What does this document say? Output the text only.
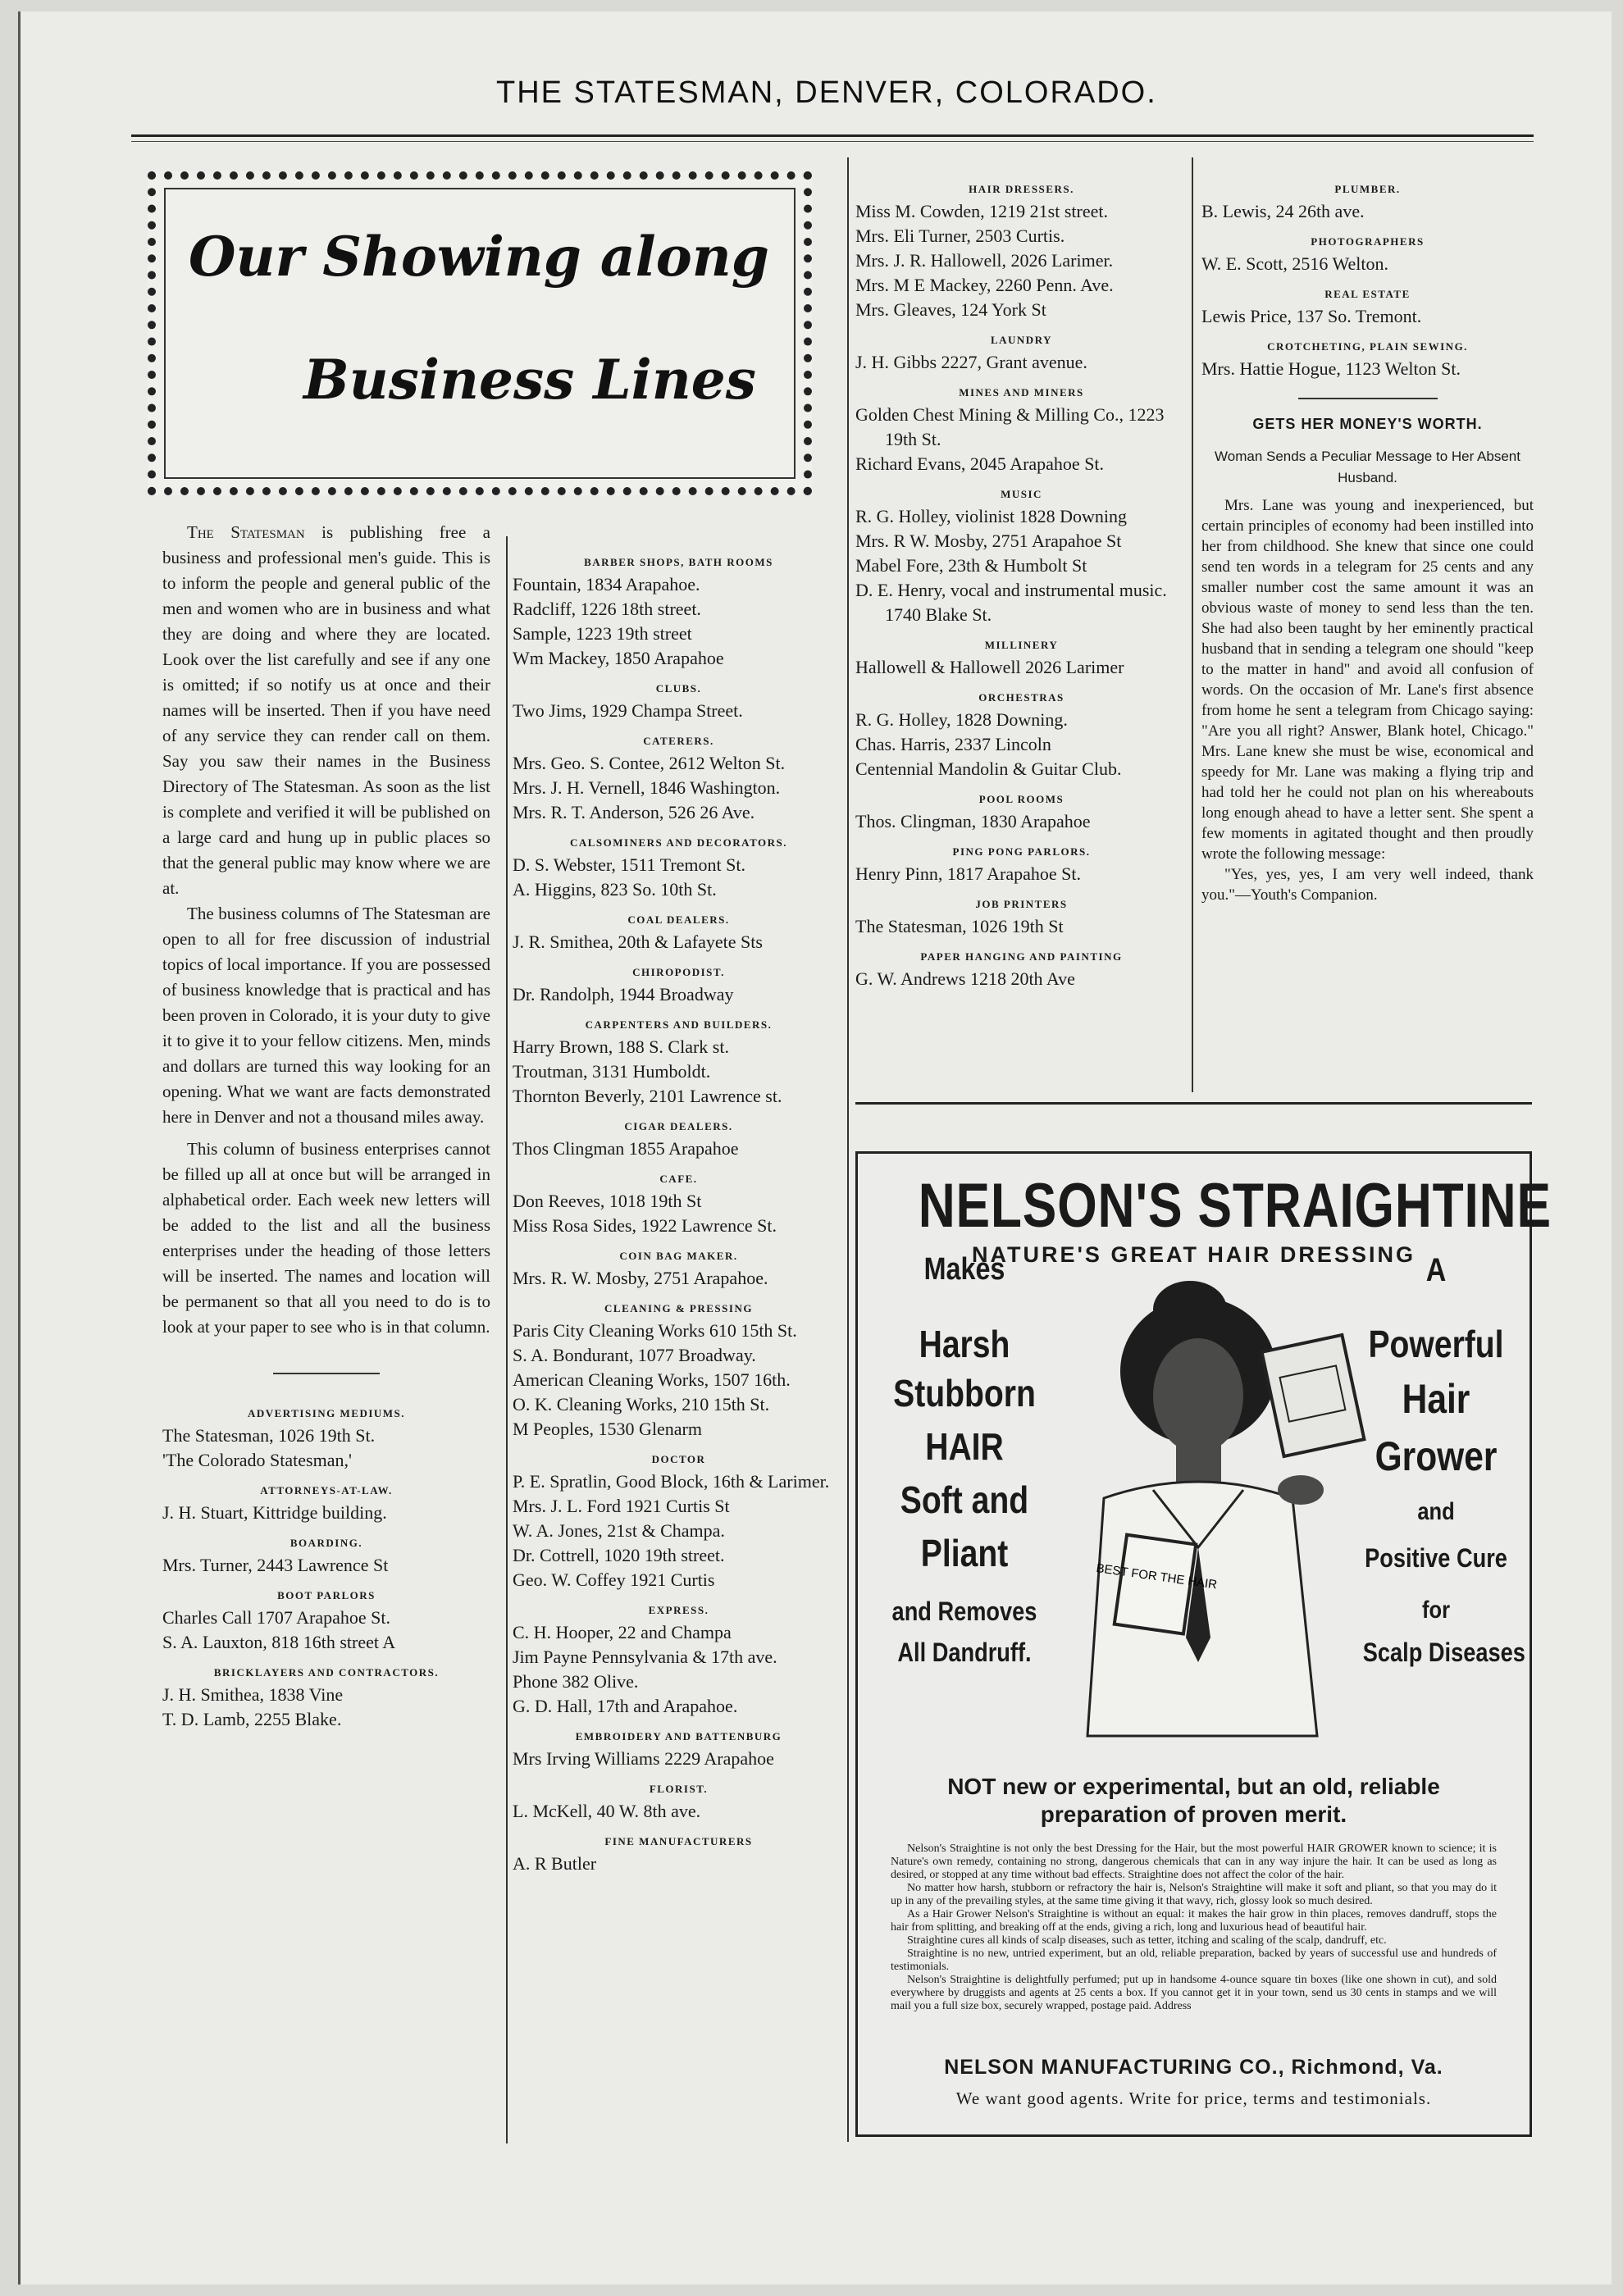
THE STATESMAN, DENVER, COLORADO.
Our Showing along
Business Lines

The Statesman is publishing free a business and professional men's guide. This is to inform the people and general public of the men and women who are in business and what they are doing and where they are located. Look over the list carefully and see if any one is omitted; if so notify us at once and their names will be inserted. Then if you have need of any service they can render call on them. Say you saw their names in the Business Directory of The Statesman. As soon as the list is complete and verified it will be published on a large card and hung up in public places so that the general public may know where we are at.

The business columns of The Statesman are open to all for free discussion of industrial topics of local importance. If you are possessed of business knowledge that is practical and has been proven in Colorado, it is your duty to give it to give it to your fellow citizens. Men, minds and dollars are turned this way looking for an opening. What we want are facts demonstrated here in Denver and not a thousand miles away.

This column of business enterprises cannot be filled up all at once but will be arranged in alphabetical order. Each week new letters will be added to the list and all the business enterprises under the heading of those letters will be inserted. The names and location will be permanent so that all you need to do is to look at your paper to see who is in that column.

ADVERTISING MEDIUMS.

The Statesman, 1026 19th St.

'The Colorado Statesman,'

ATTORNEYS-AT-LAW.

J. H. Stuart, Kittridge building.

BOARDING.

Mrs. Turner, 2443 Lawrence St

BOOT PARLORS

Charles Call 1707 Arapahoe St.

S. A. Lauxton, 818 16th street A

BRICKLAYERS AND CONTRACTORS.

J. H. Smithea, 1838 Vine

T. D. Lamb, 2255 Blake.

BARBER SHOPS, BATH ROOMS

Fountain, 1834 Arapahoe.

Radcliff, 1226 18th street.

Sample, 1223 19th street

Wm Mackey, 1850 Arapahoe

CLUBS.

Two Jims, 1929 Champa Street.

CATERERS.

Mrs. Geo. S. Contee, 2612 Welton St.

Mrs. J. H. Vernell, 1846 Washington.

Mrs. R. T. Anderson, 526 26 Ave.

CALSOMINERS AND DECORATORS.

D. S. Webster, 1511 Tremont St.

A. Higgins, 823 So. 10th St.

COAL DEALERS.

J. R. Smithea, 20th & Lafayete Sts

CHIROPODIST.

Dr. Randolph, 1944 Broadway

CARPENTERS AND BUILDERS.

Harry Brown, 188 S. Clark st.

Troutman, 3131 Humboldt.

Thornton Beverly, 2101 Lawrence st.

CIGAR DEALERS.

Thos Clingman 1855 Arapahoe

CAFE.

Don Reeves, 1018 19th St

Miss Rosa Sides, 1922 Lawrence St.

COIN BAG MAKER.

Mrs. R. W. Mosby, 2751 Arapahoe.

CLEANING & PRESSING

Paris City Cleaning Works 610 15th St.

S. A. Bondurant, 1077 Broadway.

American Cleaning Works, 1507 16th.

O. K. Cleaning Works, 210 15th St.

M Peoples, 1530 Glenarm

DOCTOR

P. E. Spratlin, Good Block, 16th & Larimer.

Mrs. J. L. Ford 1921 Curtis St

W. A. Jones, 21st & Champa.

Dr. Cottrell, 1020 19th street.

Geo. W. Coffey 1921 Curtis

EXPRESS.

C. H. Hooper, 22 and Champa

Jim Payne Pennsylvania & 17th ave.

Phone 382 Olive.

G. D. Hall, 17th and Arapahoe.

EMBROIDERY AND BATTENBURG

Mrs Irving Williams 2229 Arapahoe

FLORIST.

L. McKell, 40 W. 8th ave.

FINE MANUFACTURERS

A. R Butler

HAIR DRESSERS.

Miss M. Cowden, 1219 21st street.

Mrs. Eli Turner, 2503 Curtis.

Mrs. J. R. Hallowell, 2026 Larimer.

Mrs. M E Mackey, 2260 Penn. Ave.

Mrs. Gleaves, 124 York St

LAUNDRY

J. H. Gibbs 2227, Grant avenue.

MINES AND MINERS

Golden Chest Mining & Milling Co., 1223 19th St.

Richard Evans, 2045 Arapahoe St.

MUSIC

R. G. Holley, violinist 1828 Downing

Mrs. R W. Mosby, 2751 Arapahoe St

Mabel Fore, 23th & Humbolt St

D. E. Henry, vocal and instrumental music. 1740 Blake St.

MILLINERY

Hallowell & Hallowell 2026 Larimer

ORCHESTRAS

R. G. Holley, 1828 Downing.

Chas. Harris, 2337 Lincoln

Centennial Mandolin & Guitar Club.

POOL ROOMS

Thos. Clingman, 1830 Arapahoe

PING PONG PARLORS.

Henry Pinn, 1817 Arapahoe St.

JOB PRINTERS

The Statesman, 1026 19th St

PAPER HANGING AND PAINTING

G. W. Andrews 1218 20th Ave

PLUMBER.

B. Lewis, 24 26th ave.

PHOTOGRAPHERS

W. E. Scott, 2516 Welton.

REAL ESTATE

Lewis Price, 137 So. Tremont.

CROTCHETING, PLAIN SEWING.

Mrs. Hattie Hogue, 1123 Welton St.

GETS HER MONEY'S WORTH.
Woman Sends a Peculiar Message to Her Absent Husband.

Mrs. Lane was young and inexperienced, but certain principles of economy had been instilled into her from childhood. She knew that since one could send ten words in a telegram for 25 cents and any smaller number cost the same amount it was an obvious waste of money to send less than the ten. She had also been taught by her eminently practical husband that in sending a telegram one should "keep to the matter in hand" and avoid all confusion of words. On the occasion of Mr. Lane's first absence from home he sent a telegram from Chicago saying: "Are you all right? Answer, Blank hotel, Chicago." Mrs. Lane knew she must be wise, economical and speedy for Mr. Lane was making a flying trip and had told her he could not plan on his whereabouts long enough ahead to have a letter sent. She spent a few moments in agitated thought and then proudly wrote the following message:

"Yes, yes, yes, I am very well indeed, thank you."—Youth's Companion.

NELSON'S STRAIGHTINE
NATURE'S GREAT HAIR DRESSING
Makes
Harsh
Stubborn
HAIR
Soft and
Pliant
and Removes
All Dandruff.
A
Powerful
Hair
Grower
and
Positive Cure
for
Scalp Diseases
BEST FOR THE HAIR
NOT new or experimental, but an old, reliable preparation of proven merit.

Nelson's Straightine is not only the best Dressing for the Hair, but the most powerful HAIR GROWER known to science; it is Nature's own remedy, containing no strong, dangerous chemicals that can in any way injure the hair. It can be used as long as desired, or stopped at any time without bad effects. Straightine does not affect the color of the hair.

No matter how harsh, stubborn or refractory the hair is, Nelson's Straightine will make it soft and pliant, so that you may do it up in any of the prevailing styles, at the same time giving it that wavy, rich, glossy look so much desired.

As a Hair Grower Nelson's Straightine is without an equal: it makes the hair grow in thin places, removes dandruff, stops the hair from splitting, and breaking off at the ends, giving a rich, long and luxurious head of beautiful hair.

Straightine cures all kinds of scalp diseases, such as tetter, itching and scaling of the scalp, dandruff, etc.

Straightine is no new, untried experiment, but an old, reliable preparation, backed by years of successful use and hundreds of testimonials.

Nelson's Straightine is delightfully perfumed; put up in handsome 4-ounce square tin boxes (like one shown in cut), and sold everywhere by druggists and agents at 25 cents a box. If you cannot get it in your town, send us 30 cents in stamps and we will mail you a full size box, securely wrapped, postage paid. Address

NELSON MANUFACTURING CO., Richmond, Va.
We want good agents. Write for price, terms and testimonials.
